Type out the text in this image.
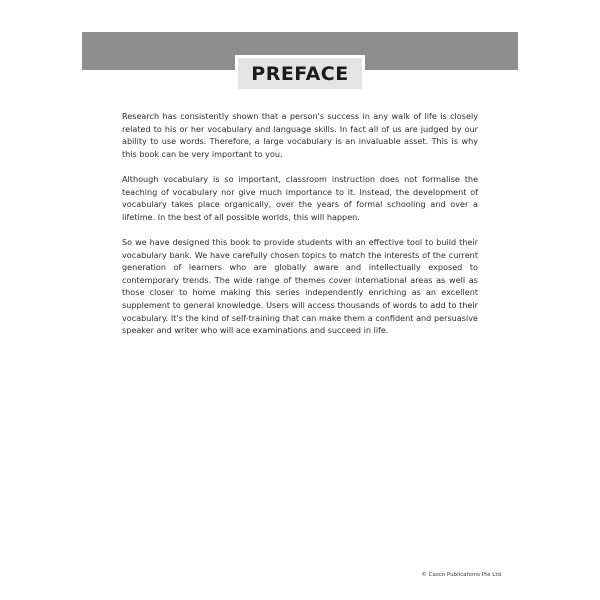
PREFACE

Research has consistently shown that a person's success in any walk of life is closely related to his or her vocabulary and language skills. In fact all of us are judged by our ability to use words. Therefore, a large vocabulary is an invaluable asset. This is why this book can be very important to you.

Although vocabulary is so important, classroom instruction does not formalise the teaching of vocabulary nor give much importance to it. Instead, the development of vocabulary takes place organically, over the years of formal schooling and over a lifetime. In the best of all possible worlds, this will happen.

So we have designed this book to provide students with an effective tool to build their vocabulary bank. We have carefully chosen topics to match the interests of the current generation of learners who are globally aware and intellectually exposed to contemporary trends. The wide range of themes cover international areas as well as those closer to home making this series independently enriching as an excellent supplement to general knowledge. Users will access thousands of words to add to their vocabulary. It's the kind of self-training that can make them a confident and persuasive speaker and writer who will ace examinations and succeed in life.

© Casco Publications Pte Ltd
